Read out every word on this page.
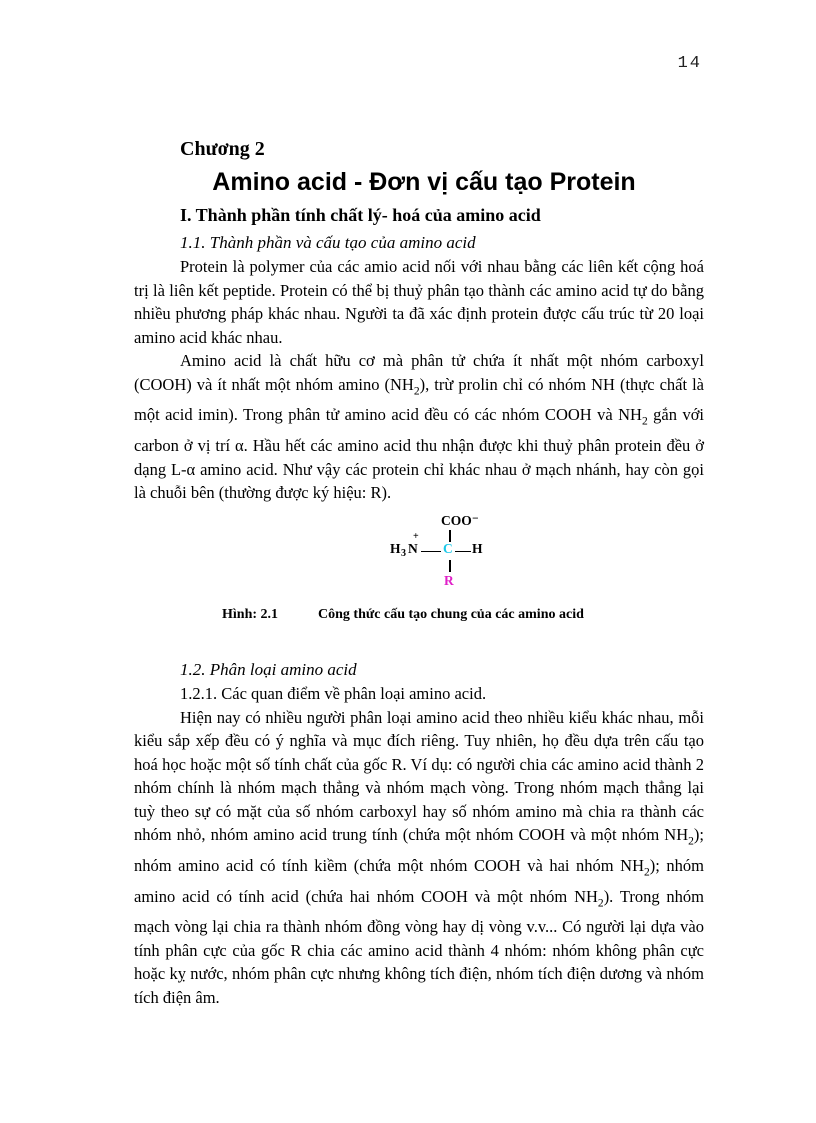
14
Chương 2
Amino acid - Đơn vị cấu tạo Protein
I. Thành phần tính chất lý- hoá của amino acid
1.1. Thành phần và cấu tạo của amino acid

Protein là polymer của các amio acid nối với nhau bằng các liên kết cộng hoá trị là liên kết peptide. Protein có thể bị thuỷ phân tạo thành các amino acid tự do bằng nhiều phương pháp khác nhau. Người ta đã xác định protein được cấu trúc từ 20 loại amino acid khác nhau.

Amino acid là chất hữu cơ mà phân tử chứa ít nhất một nhóm carboxyl (COOH) và ít nhất một nhóm amino $(NH_2)$, trừ prolin chỉ có nhóm NH (thực chất là một acid imin). Trong phân tử amino acid đều có các nhóm COOH và $NH_2$ gắn với carbon ở vị trí α. Hầu hết các amino acid thu nhận được khi thuỷ phân protein đều ở dạng L-α amino acid. Như vậy các protein chỉ khác nhau ở mạch nhánh, hay còn gọi là chuỗi bên (thường được ký hiệu: R).

COO⁻
H 3 N
+
C H
R
Hình: 2.1	Công thức cấu tạo chung của các amino acid
1.2. Phân loại amino acid
1.2.1. Các quan điểm về phân loại amino acid.

Hiện nay có nhiều người phân loại amino acid theo nhiều kiểu khác nhau, mỗi kiểu sắp xếp đều có ý nghĩa và mục đích riêng. Tuy nhiên, họ đều dựa trên cấu tạo hoá học hoặc một số tính chất của gốc R. Ví dụ: có người chia các amino acid thành 2 nhóm chính là nhóm mạch thẳng và nhóm mạch vòng. Trong nhóm mạch thẳng lại tuỳ theo sự có mặt của số nhóm carboxyl hay số nhóm amino mà chia ra thành các nhóm nhỏ, nhóm amino acid trung tính (chứa một nhóm COOH và một nhóm $NH_2$); nhóm amino acid có tính kiềm (chứa một nhóm COOH và hai nhóm $NH_2$); nhóm amino acid có tính acid (chứa hai nhóm COOH và một nhóm $NH_2$). Trong nhóm mạch vòng lại chia ra thành nhóm đồng vòng hay dị vòng v.v... Có người lại dựa vào tính phân cực của gốc R chia các amino acid thành 4 nhóm: nhóm không phân cực hoặc kỵ nước, nhóm phân cực nhưng không tích điện, nhóm tích điện dương và nhóm tích điện âm.
